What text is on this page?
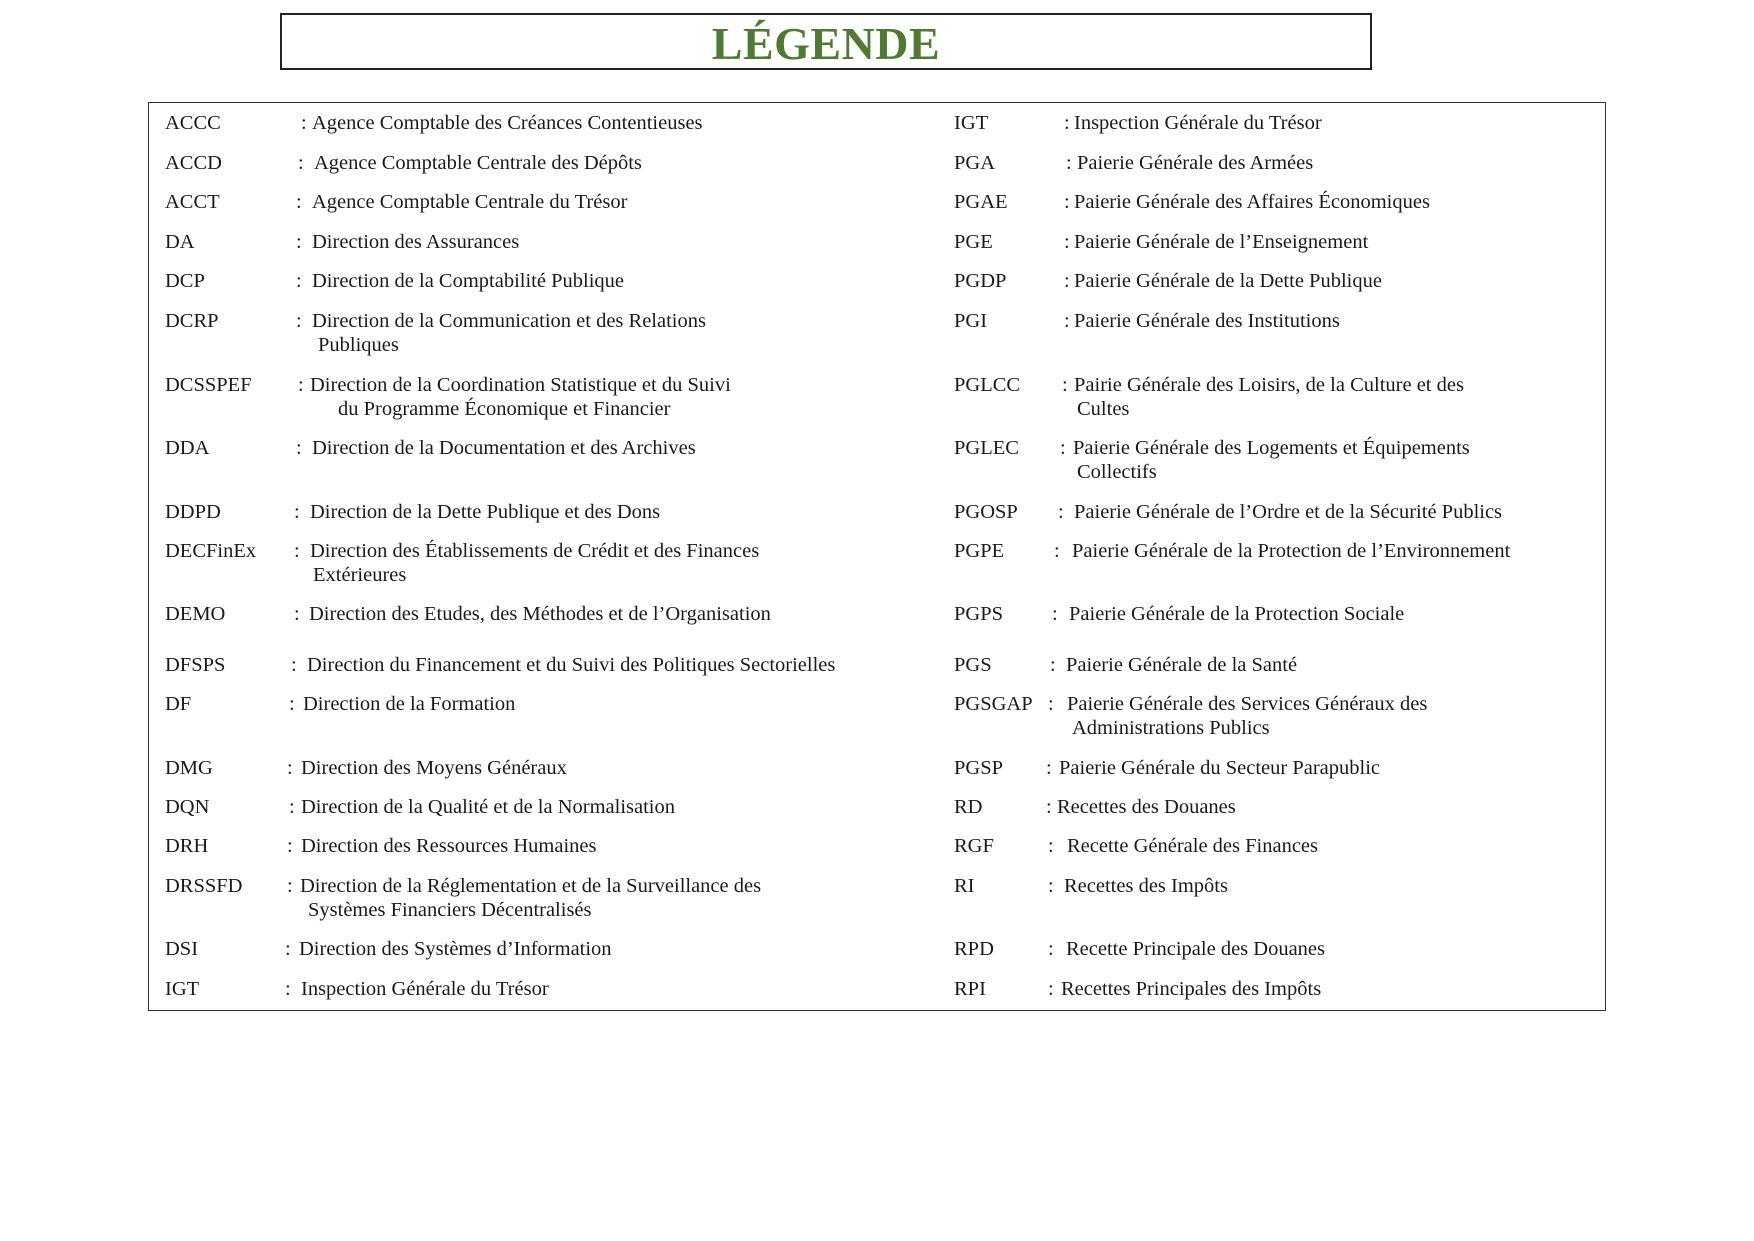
LÉGENDE
ACCC	: Agence Comptable des Créances Contentieuses
ACCD	: Agence Comptable Centrale des Dépôts
ACCT	: Agence Comptable Centrale du Trésor
DA	: Direction des Assurances
DCP	: Direction de la Comptabilité Publique
DCRP	: Direction de la Communication et des Relations
Publiques
DCSSPEF : Direction de la Coordination Statistique et du Suivi
du Programme Économique et Financier
DDA	: Direction de la Documentation et des Archives
DDPD	: Direction de la Dette Publique et des Dons
DECFinEx : Direction des Établissements de Crédit et des Finances
Extérieures
DEMO	: Direction des Etudes, des Méthodes et de l’Organisation
DFSPS	: Direction du Financement et du Suivi des Politiques Sectorielles
DF	: Direction de la Formation
DMG	: Direction des Moyens Généraux
DQN	: Direction de la Qualité et de la Normalisation
DRH	: Direction des Ressources Humaines
DRSSFD : Direction de la Réglementation et de la Surveillance des
Systèmes Financiers Décentralisés
DSI	: Direction des Systèmes d’Information
IGT	: Inspection Générale du Trésor
IGT	: Inspection Générale du Trésor
PGA	: Paierie Générale des Armées
PGAE	: Paierie Générale des Affaires Économiques
PGE	: Paierie Générale de l’Enseignement
PGDP	: Paierie Générale de la Dette Publique
PGI	: Paierie Générale des Institutions
PGLCC : Pairie Générale des Loisirs, de la Culture et des
Cultes
PGLEC : Paierie Générale des Logements et Équipements
Collectifs
PGOSP : Paierie Générale de l’Ordre et de la Sécurité Publics
PGPE : Paierie Générale de la Protection de l’Environnement
PGPS : Paierie Générale de la Protection Sociale
PGS	: Paierie Générale de la Santé
PGSGAP : Paierie Générale des Services Généraux des
Administrations Publics
PGSP : Paierie Générale du Secteur Parapublic
RD	: Recettes des Douanes
RGF	: Recette Générale des Finances
RI	: Recettes des Impôts
RPD	: Recette Principale des Douanes
RPI	: Recettes Principales des Impôts
